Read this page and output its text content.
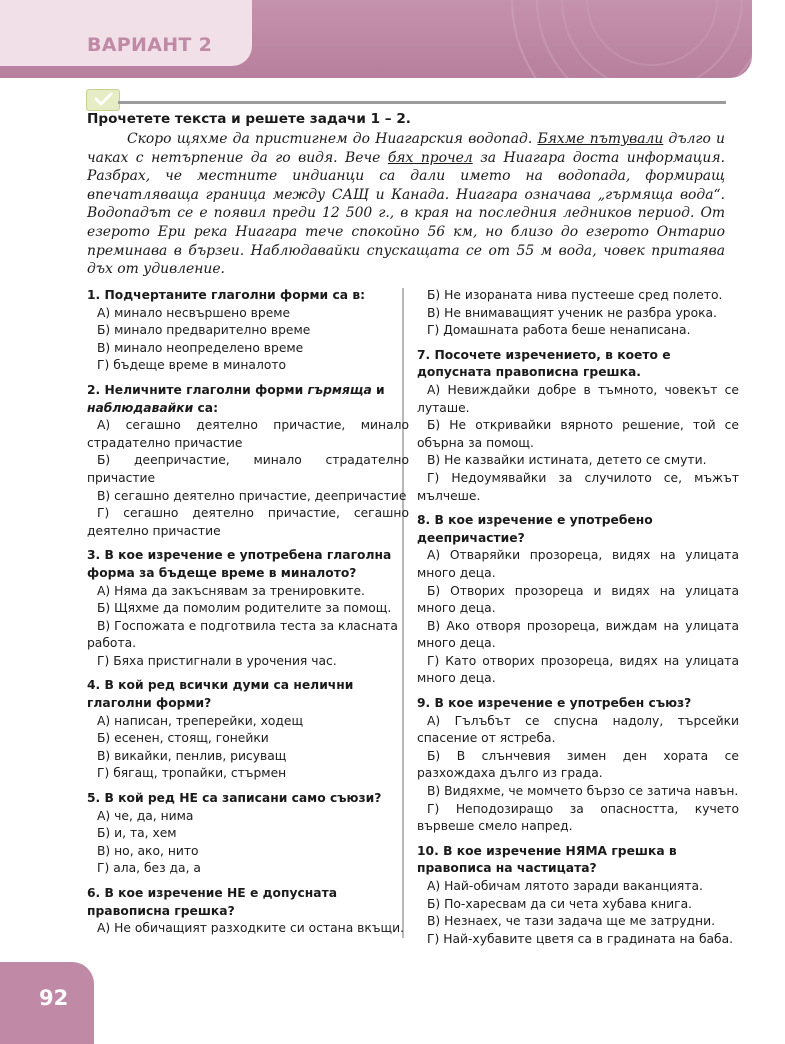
ВАРИАНТ 2
Прочетете текста и решете задачи 1 – 2.

Скоро щяхме да пристигнем до Ниагарския водопад. Бяхме пътували дълго и чаках с нетърпение да го видя. Вече бях прочел за Ниагара доста информация. Разбрах, че местните индианци са дали името на водопада, формиращ впечатляваща граница между САЩ и Канада. Ниагара означава „гърмяща вода“. Водопадът се е появил преди 12 500 г., в края на последния ледников период. От езерото Ери река Ниагара тече спокойно 56 км, но близо до езерото Онтарио преминава в бързеи. Наблюдавайки спускащата се от 55 м вода, човек притаява дъх от удивление.

1. Подчертаните глаголни форми са в:

А) минало несвършено време

Б) минало предварително време

В) минало неопределено време

Г) бъдеще време в миналото

2. Нeличните глаголни форми гърмяща и наблюдавайки са:

А) сегашно деятелно причастие, минало страдателно причастие

Б) деепричастие, минало страдателно причастие

В) сегашно деятелно причастие, деепричастие

Г) сегашно деятелно причастие, сегашно деятелно причастие

3. В кое изречение е употребена глаголна форма за бъдеще време в миналото?

А) Няма да закъснявам за тренировките.

Б) Щяхме да помолим родителите за помощ.

В) Госпожата е подготвила теста за класната работа.

Г) Бяха пристигнали в урочения час.

4. В кой ред всички думи са нелични глаголни форми?

А) написан, треперейки, ходещ

Б) есенен, стоящ, гонейки

В) викайки, пенлив, рисуващ

Г) бягащ, тропайки, стърмен

5. В кой ред НЕ са записани само съюзи?

А) че, да, нима

Б) и, та, хем

В) но, ако, нито

Г) ала, без да, а

6. В кое изречение НЕ е допусната правописна грешка?

А) Не обичащият разходките си остана вкъщи.

Б) Не изораната нива пустееше сред полето.

В) Не внимаващият ученик не разбра урока.

Г) Домашната работа беше ненаписана.

7. Посочете изречението, в което е допусната правописна грешка.

А) Невиждайки добре в тъмното, човекът се луташе.

Б) Не откривайки вярното решение, той се обърна за помощ.

В) Не казвайки истината, детето се смути.

Г) Недоумявайки за случилото се, мъжът мълчеше.

8. В кое изречение е употребено деепричастие?

А) Отваряйки прозореца, видях на улицата много деца.

Б) Отворих прозореца и видях на улицата много деца.

В) Ако отворя прозореца, виждам на улицата много деца.

Г) Като отворих прозореца, видях на улицата много деца.

9. В кое изречение е употребен съюз?

А) Гълъбът се спусна надолу, търсейки спасение от ястреба.

Б) В слънчевия зимен ден хората се разхождаха дълго из града.

В) Видяхме, че момчето бързо се затича навън.

Г) Неподозиращо за опасността, кучето вървеше смело напред.

10. В кое изречение НЯМА грешка в правописа на частицата?

А) Най-обичам лятото заради ваканцията.

Б) По-харесвам да си чета хубава книга.

В) Незнаех, че тази задача ще ме затрудни.

Г) Най-хубавите цветя са в градината на баба.

92
